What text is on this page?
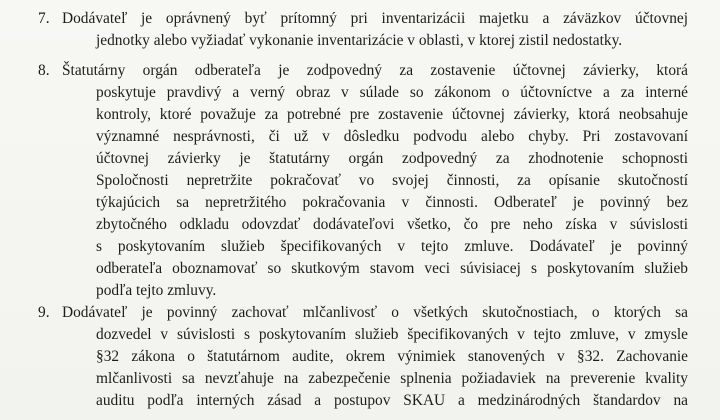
7. Dodávateľ je oprávnený byť prítomný pri inventarizácii majetku a záväzkov účtovnej
jednotky alebo vyžiadať vykonanie inventarizácie v oblasti, v ktorej zistil nedostatky.
8. Štatutárny orgán odberateľa je zodpovedný za zostavenie účtovnej závierky, ktorá
poskytuje pravdivý a verný obraz v súlade so zákonom o účtovníctve a za interné
kontroly, ktoré považuje za potrebné pre zostavenie účtovnej závierky, ktorá neobsahuje
významné nesprávnosti, či už v dôsledku podvodu alebo chyby. Pri zostavovaní
účtovnej závierky je štatutárny orgán zodpovedný za zhodnotenie schopnosti
Spoločnosti nepretržite pokračovať vo svojej činnosti, za opísanie skutočností
týkajúcich sa nepretržitého pokračovania v činnosti. Odberateľ je povinný bez
zbytočného odkladu odovzdať dodávateľovi všetko, čo pre neho získa v súvislosti
s poskytovaním služieb špecifikovaných v tejto zmluve. Dodávateľ je povinný
odberateľa oboznamovať so skutkovým stavom veci súvisiacej s poskytovaním služieb
podľa tejto zmluvy.
9. Dodávateľ je povinný zachovať mlčanlivosť o všetkých skutočnostiach, o ktorých sa
dozvedel v súvislosti s poskytovaním služieb špecifikovaných v tejto zmluve, v zmysle
§32 zákona o štatutárnom audite, okrem výnimiek stanovených v §32. Zachovanie
mlčanlivosti sa nevzťahuje na zabezpečenie splnenia požiadaviek na preverenie kvality
auditu podľa interných zásad a postupov SKAU a medzinárodných štandardov na
